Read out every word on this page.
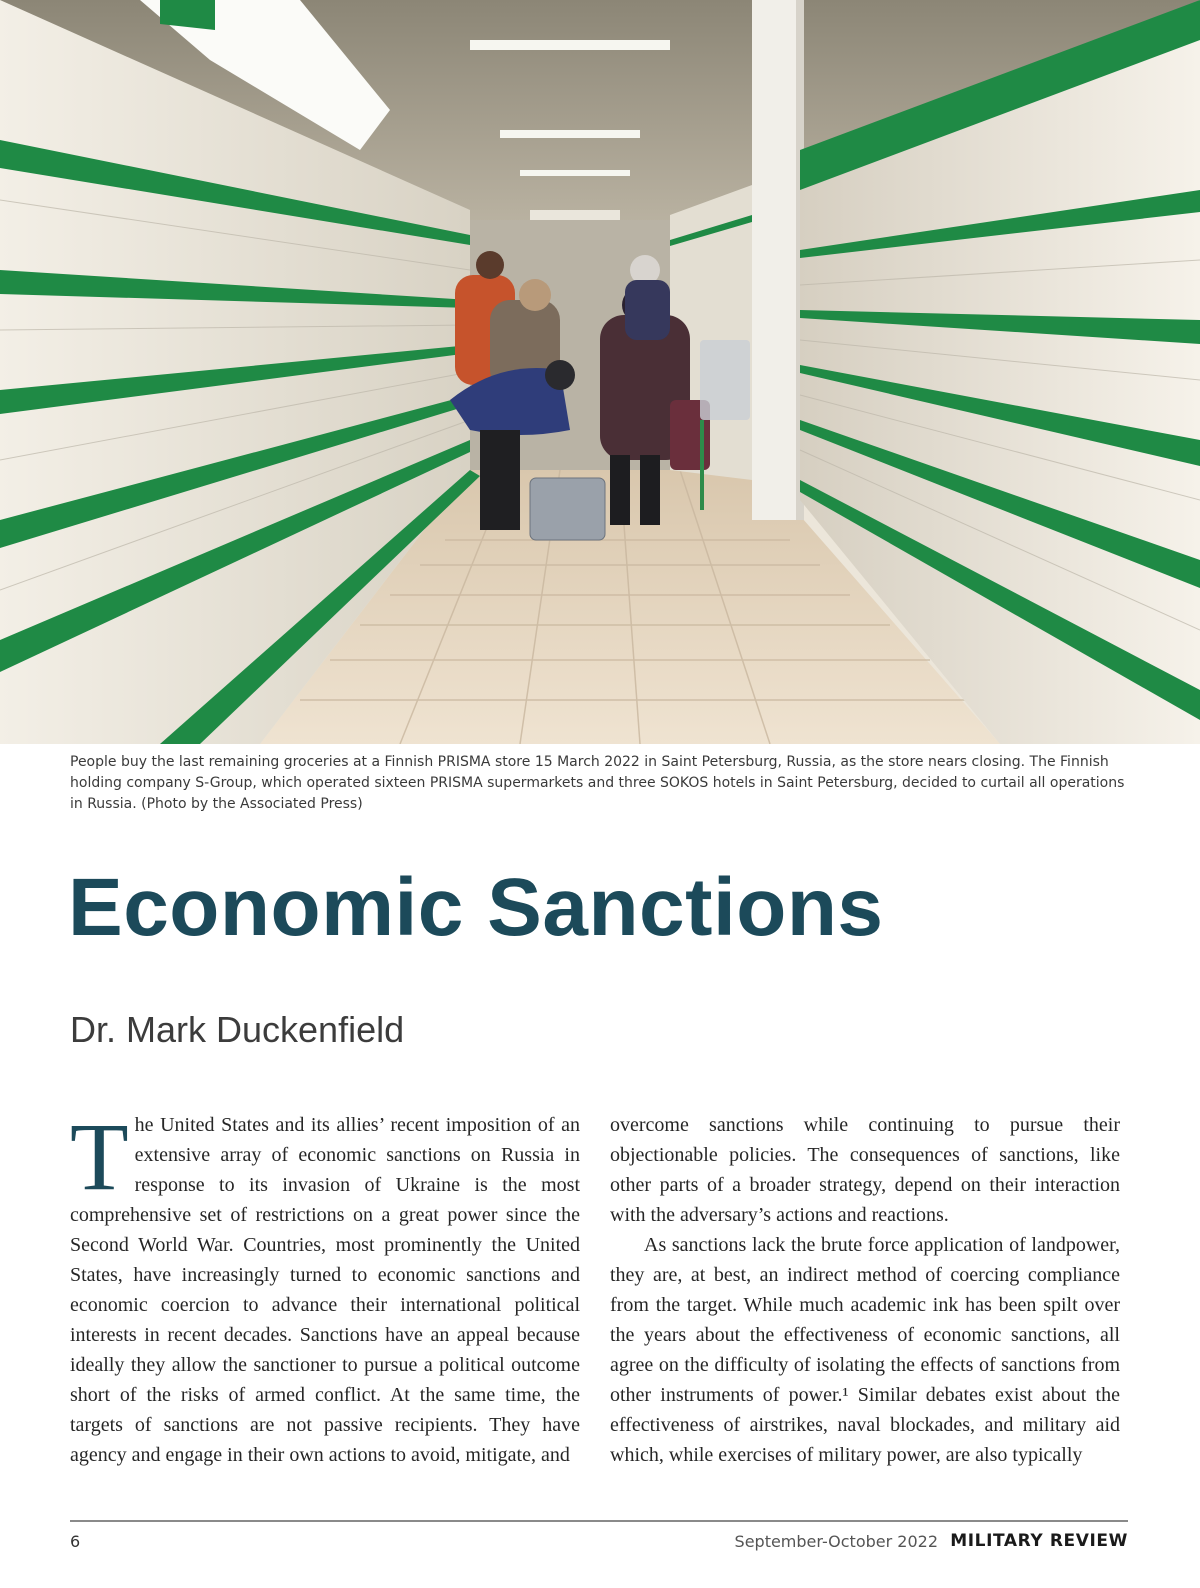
People buy the last remaining groceries at a Finnish PRISMA store 15 March 2022 in Saint Petersburg, Russia, as the store nears closing. The Finnish holding company S-Group, which operated sixteen PRISMA supermarkets and three SOKOS hotels in Saint Petersburg, decided to curtail all operations in Russia. (Photo by the Associated Press)
Economic Sanctions
Dr. Mark Duckenfield

The United States and its allies’ recent imposition of an extensive array of economic sanctions on Russia in response to its invasion of Ukraine is the most comprehensive set of restrictions on a great power since the Second World War. Countries, most prominently the United States, have increasingly turned to economic sanctions and economic coercion to advance their international political interests in recent decades. Sanctions have an appeal because ideally they allow the sanctioner to pursue a political outcome short of the risks of armed conflict. At the same time, the targets of sanctions are not passive recipients. They have agency and engage in their own actions to avoid, mitigate, and

overcome sanctions while continuing to pursue their objectionable policies. The consequences of sanctions, like other parts of a broader strategy, depend on their interaction with the adversary’s actions and reactions.

As sanctions lack the brute force application of landpower, they are, at best, an indirect method of coercing compliance from the target. While much academic ink has been spilt over the years about the effectiveness of economic sanctions, all agree on the difficulty of isolating the effects of sanctions from other instruments of power.¹ Similar debates exist about the effectiveness of airstrikes, naval blockades, and military aid which, while exercises of military power, are also typically

6	September-October 2022 MILITARY REVIEW
